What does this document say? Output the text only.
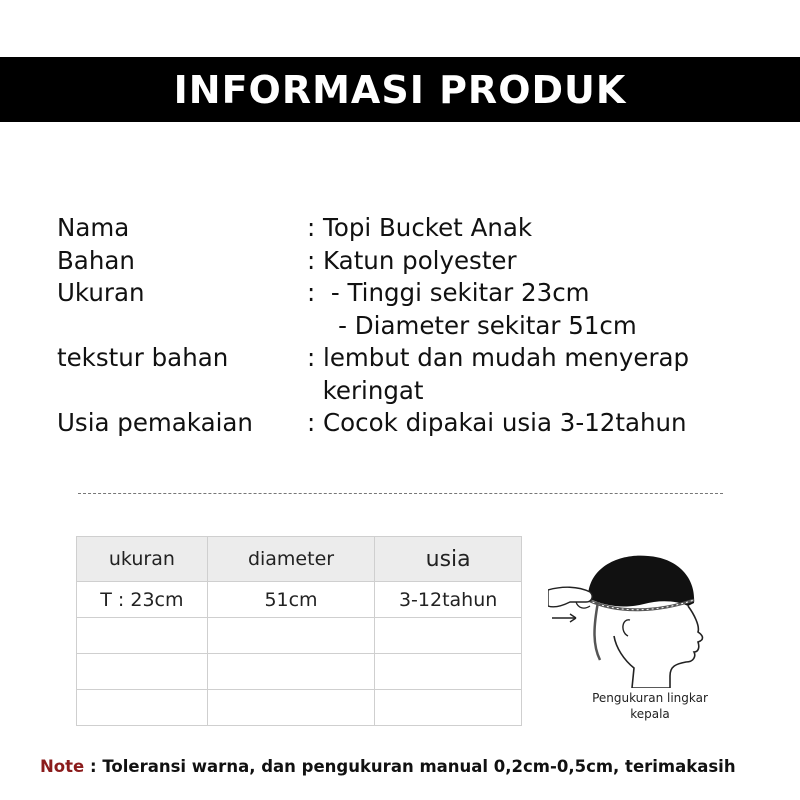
INFORMASI PRODUK
Nama	: Topi Bucket Anak
Bahan	: Katun polyester
Ukuran	:  - Tinggi sekitar 23cm
- Diameter sekitar 51cm
tekstur bahan	: lembut dan mudah menyerap
keringat
Usia pemakaian	: Cocok dipakai usia 3-12tahun
ukuran	diameter	usia
T : 23cm	51cm	3-12tahun

Pengukuran lingkar
kepala
Note : Toleransi warna, dan pengukuran manual 0,2cm-0,5cm, terimakasih
